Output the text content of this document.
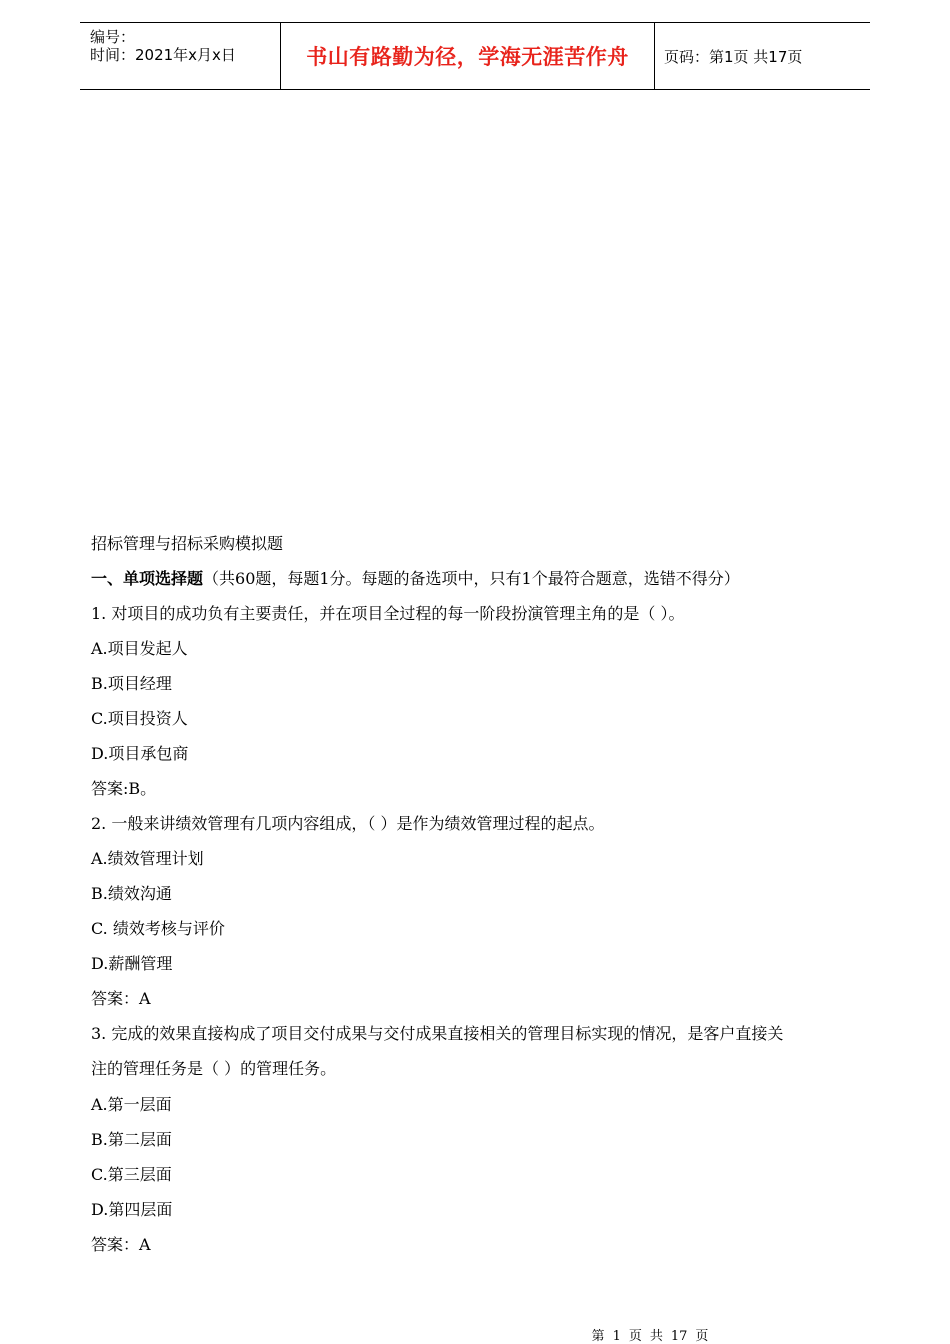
编号：
时间：2021年x月x日	书山有路勤为径，学海无涯苦作舟 页码：第1页 共17页
招标管理与招标采购模拟题
一、单项选择题（共60题，每题1分。每题的备选项中，只有1个最符合题意，选错不得分）
1. 对项目的成功负有主要责任，并在项目全过程的每一阶段扮演管理主角的是（ ）。
A.项目发起人
B.项目经理
C.项目投资人
D.项目承包商
答案:B。
2. 一般来讲绩效管理有几项内容组成，（ ）是作为绩效管理过程的起点。
A.绩效管理计划
B.绩效沟通
C. 绩效考核与评价
D.薪酬管理
答案：A
3. 完成的效果直接构成了项目交付成果与交付成果直接相关的管理目标实现的情况，是客户直接关
注的管理任务是（ ）的管理任务。
A.第一层面
B.第二层面
C.第三层面
D.第四层面
答案：A
第 1 页 共 17 页
